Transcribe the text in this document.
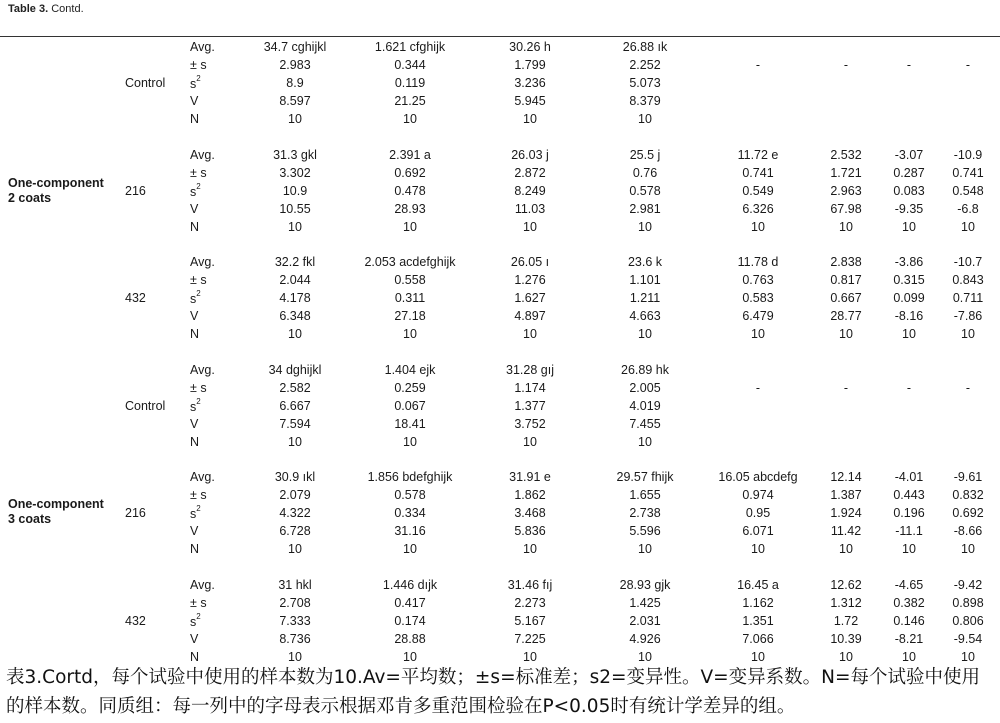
Table 3. Contd.
One-component
2 coats
Control
Avg.	34.7 cghijkl	1.621 cfghijk	30.26 h	26.88 ık
± s	2.983	0.344	1.799	2.252	-	-	-	-
$s^2$	8.9	0.119	3.236	5.073
V	8.597	21.25	5.945	8.379
N	10	10	10	10
216
Avg.	31.3 gkl	2.391 a	26.03 j	25.5 j	11.72 e	2.532	-3.07	-10.9
± s	3.302	0.692	2.872	0.76	0.741	1.721	0.287	0.741
$s^2$	10.9	0.478	8.249	0.578	0.549	2.963	0.083	0.548
V	10.55	28.93	11.03	2.981	6.326	67.98	-9.35	-6.8
N	10	10	10	10	10	10	10	10
432
Avg.	32.2 fkl	2.053 acdefghijk	26.05 ı	23.6 k	11.78 d	2.838	-3.86	-10.7
± s	2.044	0.558	1.276	1.101	0.763	0.817	0.315	0.843
$s^2$	4.178	0.311	1.627	1.211	0.583	0.667	0.099	0.711
V	6.348	27.18	4.897	4.663	6.479	28.77	-8.16	-7.86
N	10	10	10	10	10	10	10	10
One-component
3 coats
Control
Avg.	34 dghijkl	1.404 ejk	31.28 gıj	26.89 hk
± s	2.582	0.259	1.174	2.005	-	-	-	-
$s^2$	6.667	0.067	1.377	4.019
V	7.594	18.41	3.752	7.455
N	10	10	10	10
216
Avg.	30.9 ıkl	1.856 bdefghijk	31.91 e	29.57 fhijk	16.05 abcdefg	12.14	-4.01	-9.61
± s	2.079	0.578	1.862	1.655	0.974	1.387	0.443	0.832
$s^2$	4.322	0.334	3.468	2.738	0.95	1.924	0.196	0.692
V	6.728	31.16	5.836	5.596	6.071	11.42	-11.1	-8.66
N	10	10	10	10	10	10	10	10
432
Avg.	31 hkl	1.446 dıjk	31.46 fıj	28.93 gjk	16.45 a	12.62	-4.65	-9.42
± s	2.708	0.417	2.273	1.425	1.162	1.312	0.382	0.898
$s^2$	7.333	0.174	5.167	2.031	1.351	1.72	0.146	0.806
V	8.736	28.88	7.225	4.926	7.066	10.39	-8.21	-9.54
N	10	10	10	10	10	10	10	10
表3.Cortd，每个试验中使用的样本数为10.Av=平均数；±s=标准差；s2=变异性。V=变异系数。N=每个试验中使用的样本数。同质组：每一列中的字母表示根据邓肯多重范围检验在P<0.05时有统计学差异的组。
